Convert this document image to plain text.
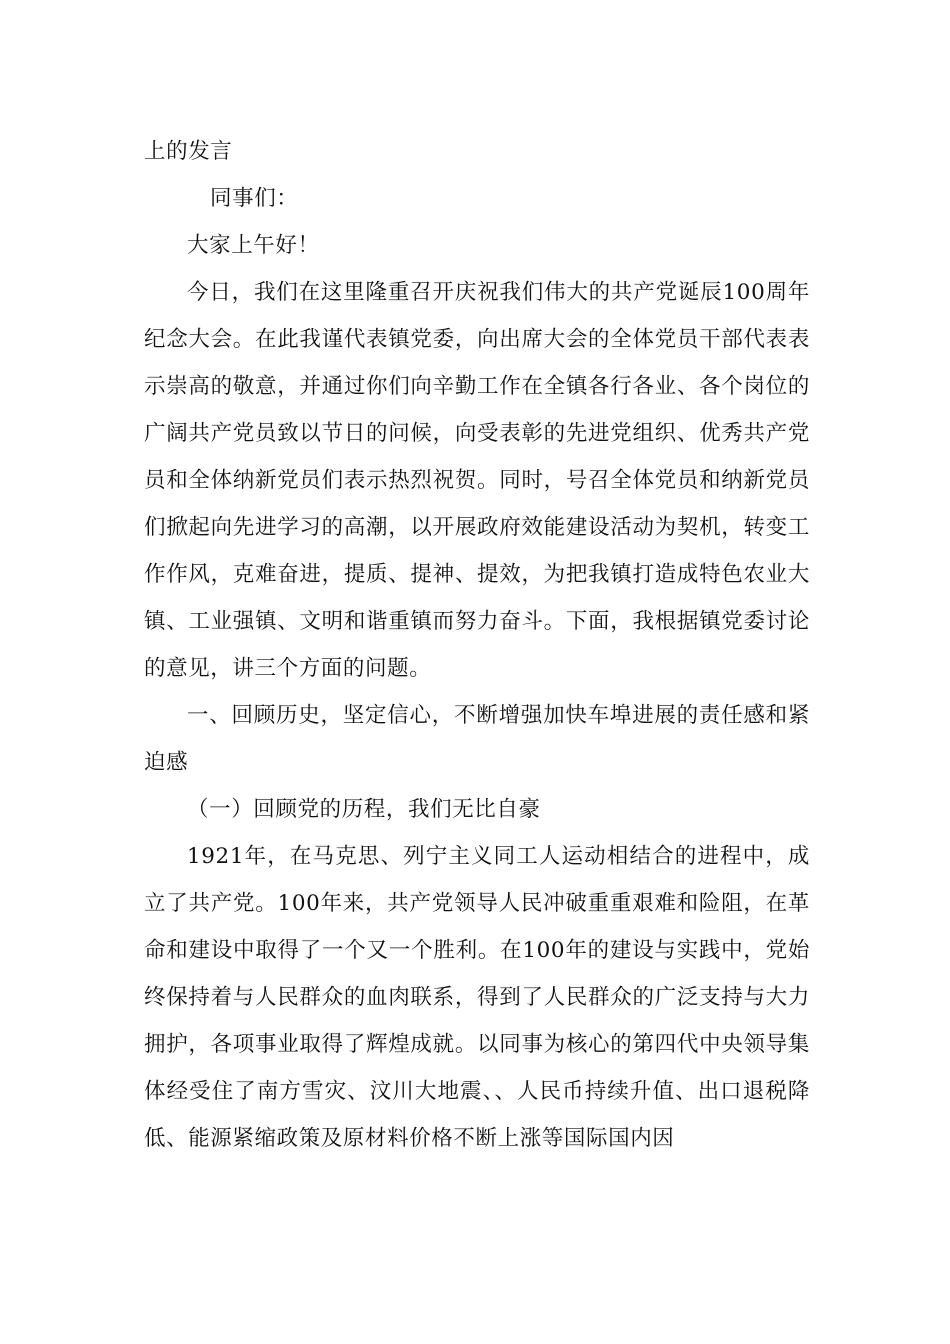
上的发言

同事们：

大家上午好！

今日，我们在这里隆重召开庆祝我们伟大的共产党诞辰100周年纪念大会。在此我谨代表镇党委，向出席大会的全体党员干部代表表示崇高的敬意，并通过你们向辛勤工作在全镇各行各业、各个岗位的广阔共产党员致以节日的问候，向受表彰的先进党组织、优秀共产党员和全体纳新党员们表示热烈祝贺。同时，号召全体党员和纳新党员们掀起向先进学习的高潮，以开展政府效能建设活动为契机，转变工作作风，克难奋进，提质、提神、提效，为把我镇打造成特色农业大镇、工业强镇、文明和谐重镇而努力奋斗。下面，我根据镇党委讨论的意见，讲三个方面的问题。

一、回顾历史，坚定信心，不断增强加快车埠进展的责任感和紧迫感

（一）回顾党的历程，我们无比自豪

1921年，在马克思、列宁主义同工人运动相结合的进程中，成立了共产党。100年来，共产党领导人民冲破重重艰难和险阻，在革命和建设中取得了一个又一个胜利。在100年的建设与实践中，党始终保持着与人民群众的血肉联系，得到了人民群众的广泛支持与大力拥护，各项事业取得了辉煌成就。以同事为核心的第四代中央领导集体经受住了南方雪灾、汶川大地震、、人民币持续升值、出口退税降低、能源紧缩政策及原材料价格不断上涨等国际国内因
